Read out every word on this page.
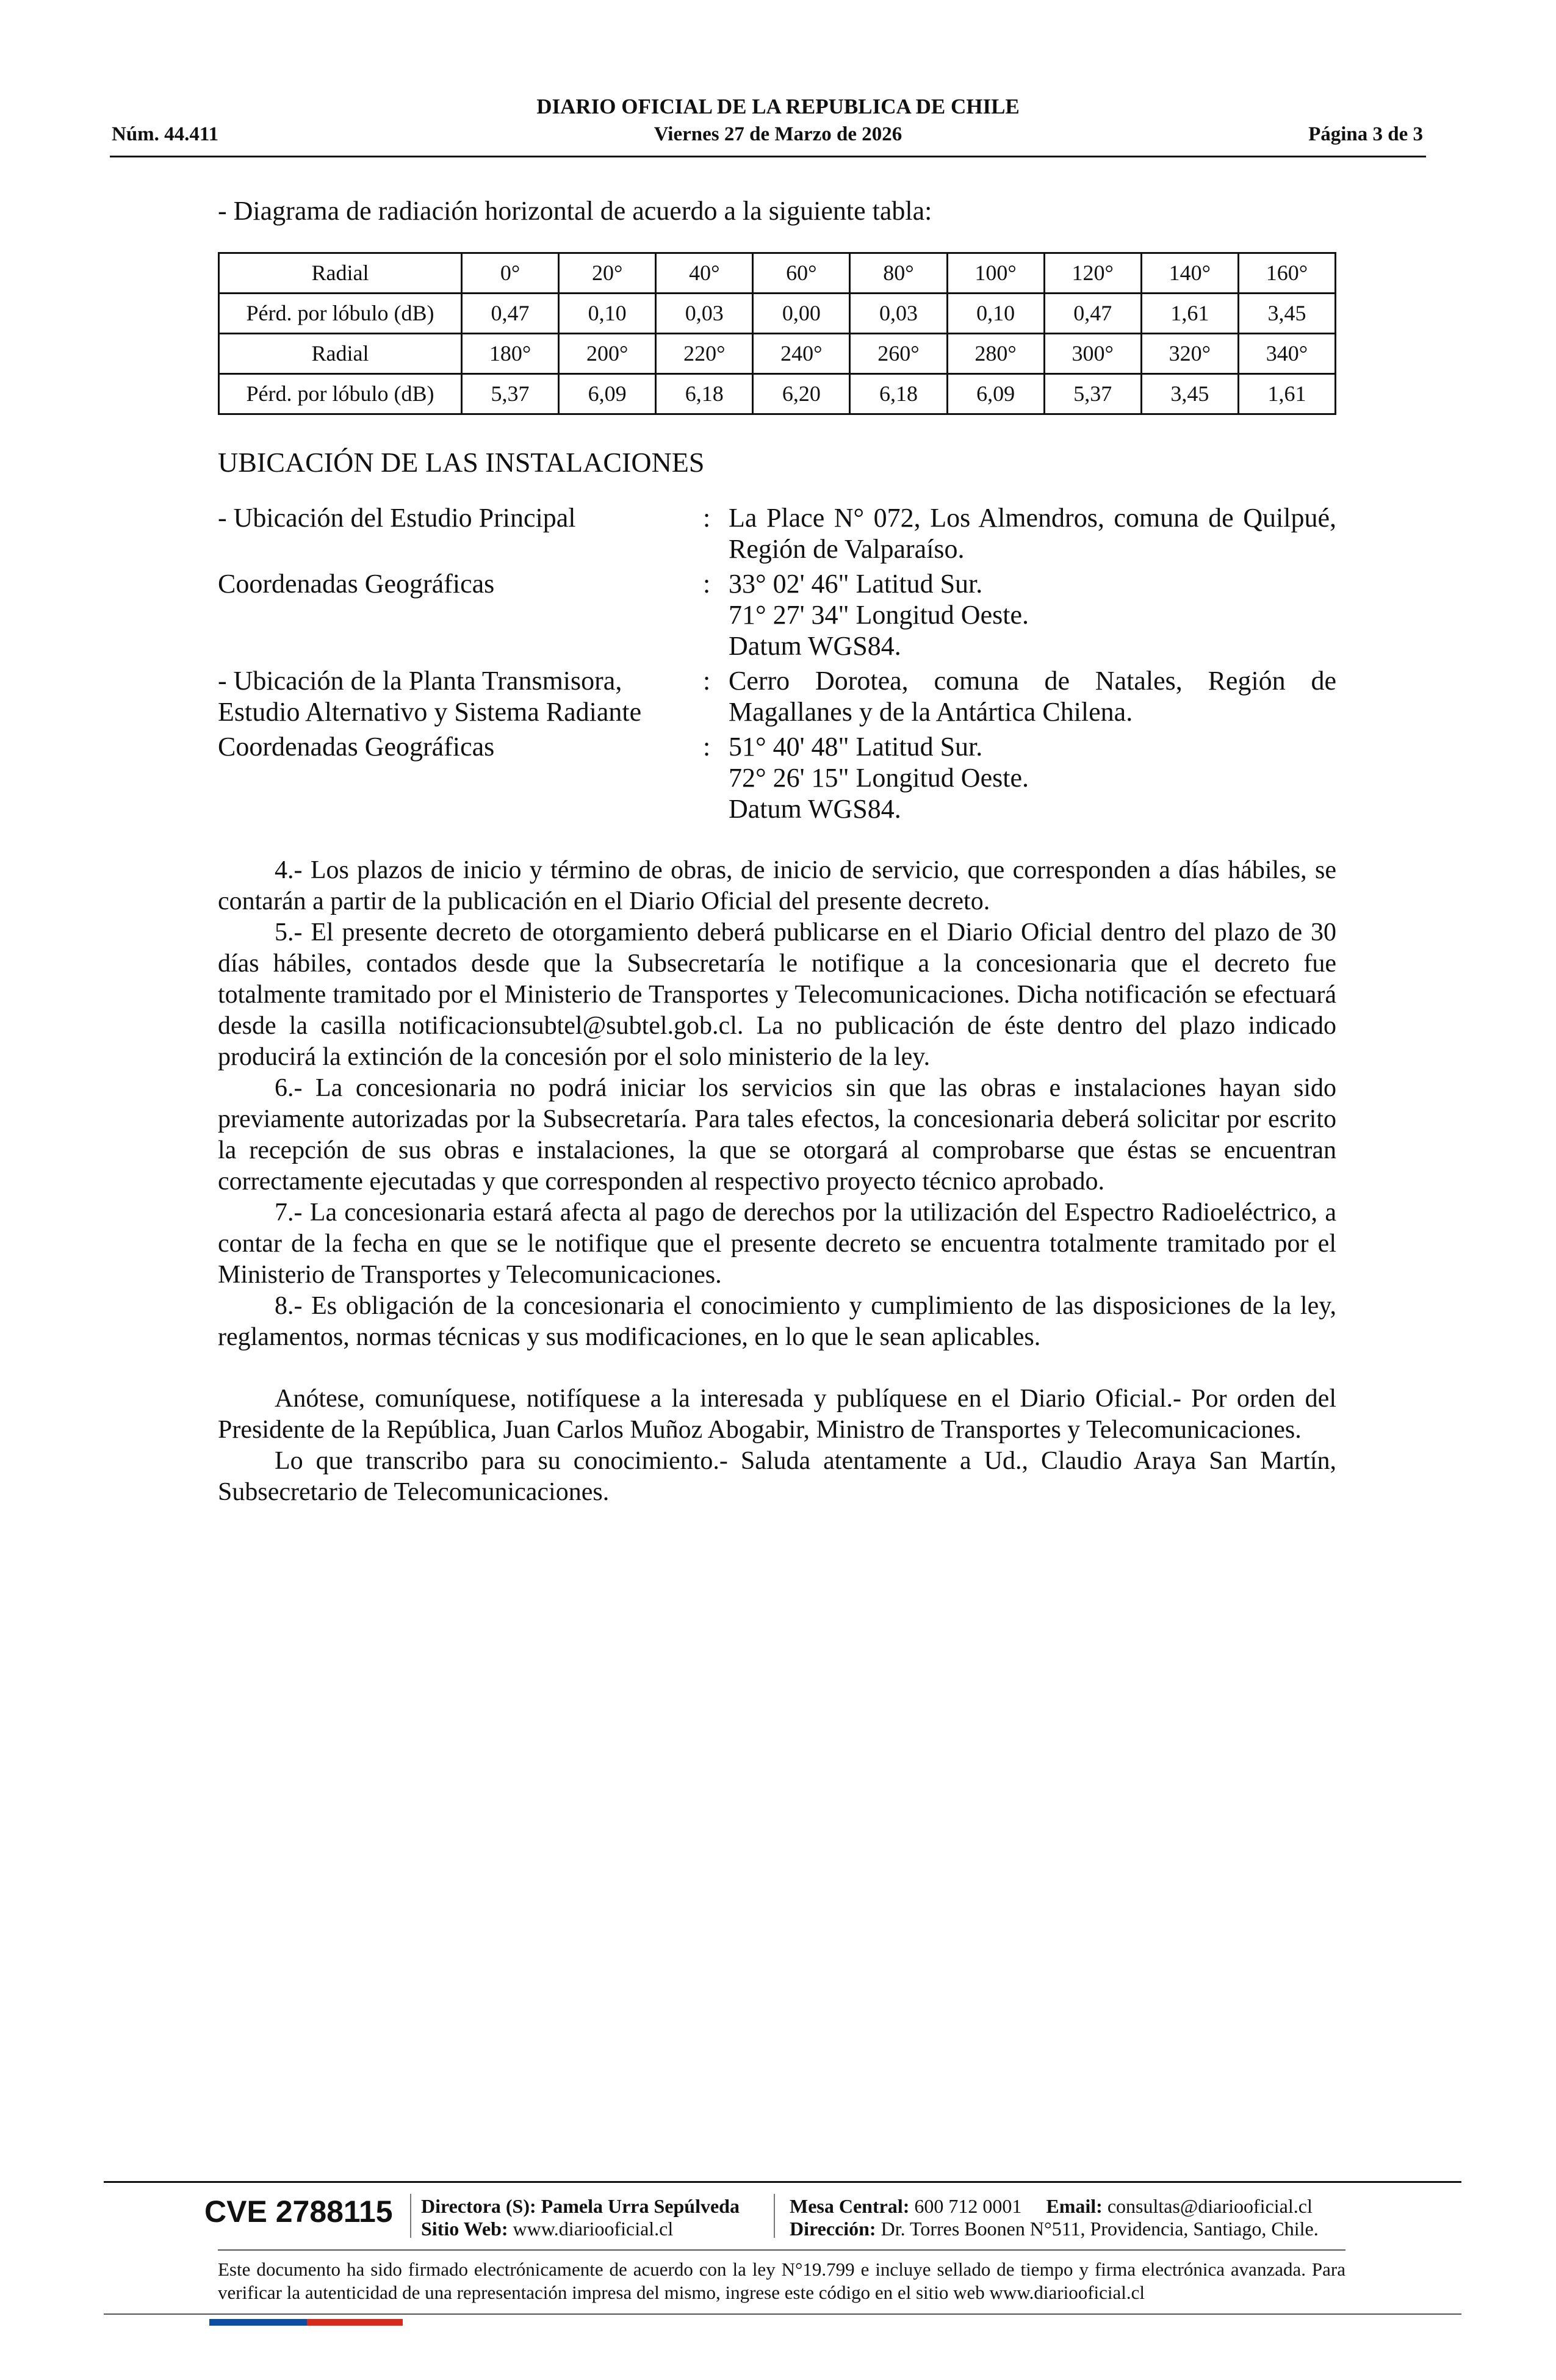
DIARIO OFICIAL DE LA REPUBLICA DE CHILE
Núm. 44.411	Viernes 27 de Marzo de 2026	Página 3 de 3

- Diagrama de radiación horizontal de acuerdo a la siguiente tabla:

Radial	0°	20°	40°	60°	80°	100°	120°	140°	160°
Pérd. por lóbulo (dB)	0,47	0,10	0,03	0,00	0,03	0,10	0,47	1,61	3,45
Radial	180°	200°	220°	240°	260°	280°	300°	320°	340°
Pérd. por lóbulo (dB)	5,37	6,09	6,18	6,20	6,18	6,09	5,37	3,45	1,61

UBICACIÓN DE LAS INSTALACIONES

- Ubicación del Estudio Principal	: La Place N° 072, Los Almendros, comuna de Quilpué, Región de Valparaíso.
Coordenadas Geográficas	: 33° 02' 46" Latitud Sur.
71° 27' 34" Longitud Oeste.
Datum WGS84.
- Ubicación de la Planta Transmisora,
Estudio Alternativo y Sistema Radiante
: Cerro Dorotea, comuna de Natales, Región de Magallanes y de la Antártica Chilena.
Coordenadas Geográficas	: 51° 40' 48" Latitud Sur.
72° 26' 15" Longitud Oeste.
Datum WGS84.

4.- Los plazos de inicio y término de obras, de inicio de servicio, que corresponden a días hábiles, se contarán a partir de la publicación en el Diario Oficial del presente decreto.

5.- El presente decreto de otorgamiento deberá publicarse en el Diario Oficial dentro del plazo de 30 días hábiles, contados desde que la Subsecretaría le notifique a la concesionaria que el decreto fue totalmente tramitado por el Ministerio de Transportes y Telecomunicaciones. Dicha notificación se efectuará desde la casilla notificacionsubtel@subtel.gob.cl. La no publicación de éste dentro del plazo indicado producirá la extinción de la concesión por el solo ministerio de la ley.

6.- La concesionaria no podrá iniciar los servicios sin que las obras e instalaciones hayan sido previamente autorizadas por la Subsecretaría. Para tales efectos, la concesionaria deberá solicitar por escrito la recepción de sus obras e instalaciones, la que se otorgará al comprobarse que éstas se encuentran correctamente ejecutadas y que corresponden al respectivo proyecto técnico aprobado.

7.- La concesionaria estará afecta al pago de derechos por la utilización del Espectro Radioeléctrico, a contar de la fecha en que se le notifique que el presente decreto se encuentra totalmente tramitado por el Ministerio de Transportes y Telecomunicaciones.

8.- Es obligación de la concesionaria el conocimiento y cumplimiento de las disposiciones de la ley, reglamentos, normas técnicas y sus modificaciones, en lo que le sean aplicables.

Anótese, comuníquese, notifíquese a la interesada y publíquese en el Diario Oficial.- Por orden del Presidente de la República, Juan Carlos Muñoz Abogabir, Ministro de Transportes y Telecomunicaciones.

Lo que transcribo para su conocimiento.- Saluda atentamente a Ud., Claudio Araya San Martín, Subsecretario de Telecomunicaciones.

CVE 2788115 Directora (S): Pamela Urra Sepúlveda
Sitio Web: www.diariooficial.cl
Mesa Central: 600 712 0001 Email: consultas@diariooficial.cl
Dirección: Dr. Torres Boonen N°511, Providencia, Santiago, Chile.
Este documento ha sido firmado electrónicamente de acuerdo con la ley N°19.799 e incluye sellado de tiempo y firma electrónica avanzada. Para verificar la autenticidad de una representación impresa del mismo, ingrese este código en el sitio web www.diariooficial.cl
